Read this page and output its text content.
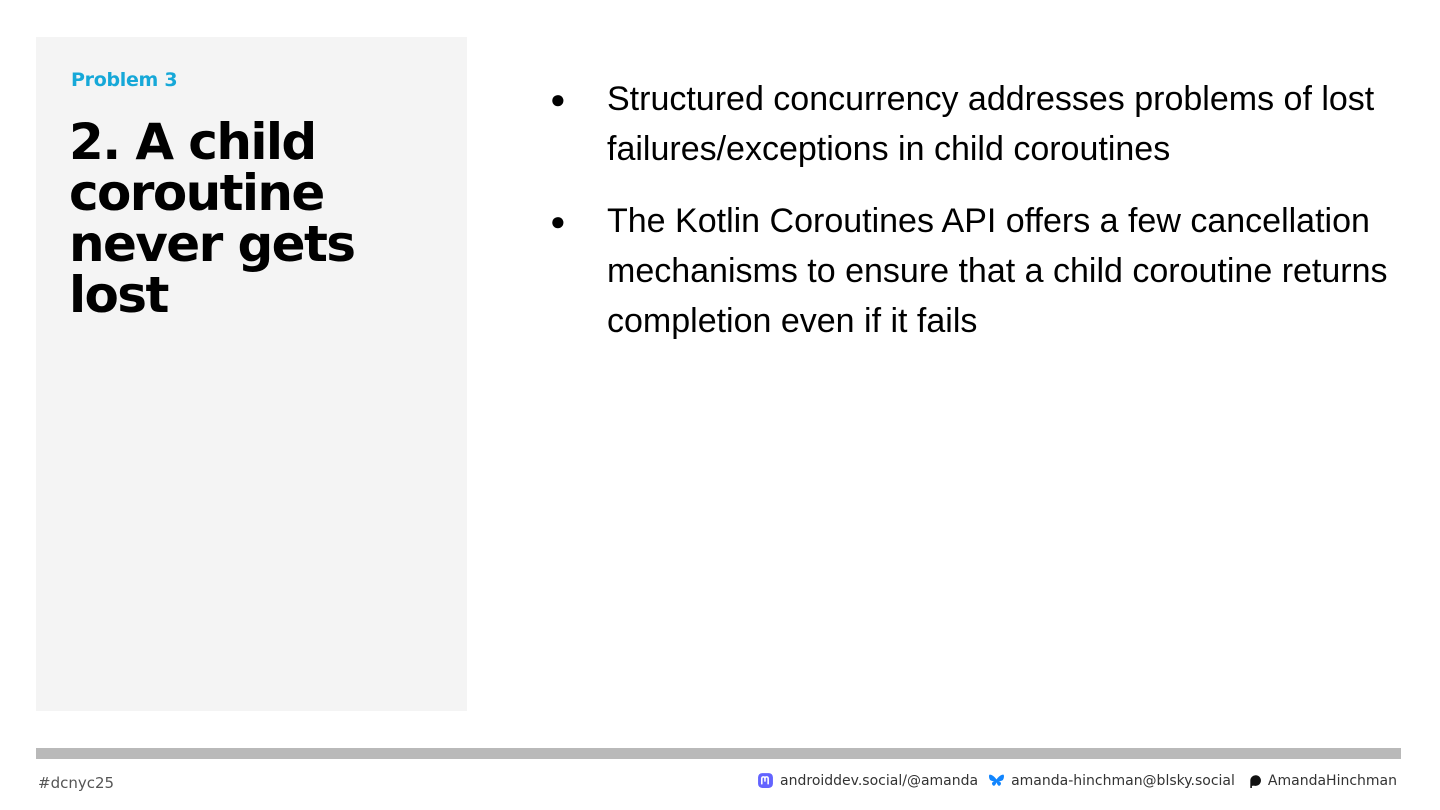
Problem 3
2. A child coroutine never gets lost
● Structured concurrency addresses problems of lost failures/exceptions in child coroutines
● The Kotlin Coroutines API offers a few cancellation mechanisms to ensure that a child coroutine returns completion even if it fails
#dcnyc25	androiddev.social/@amanda amanda-hinchman@blsky.social AmandaHinchman
